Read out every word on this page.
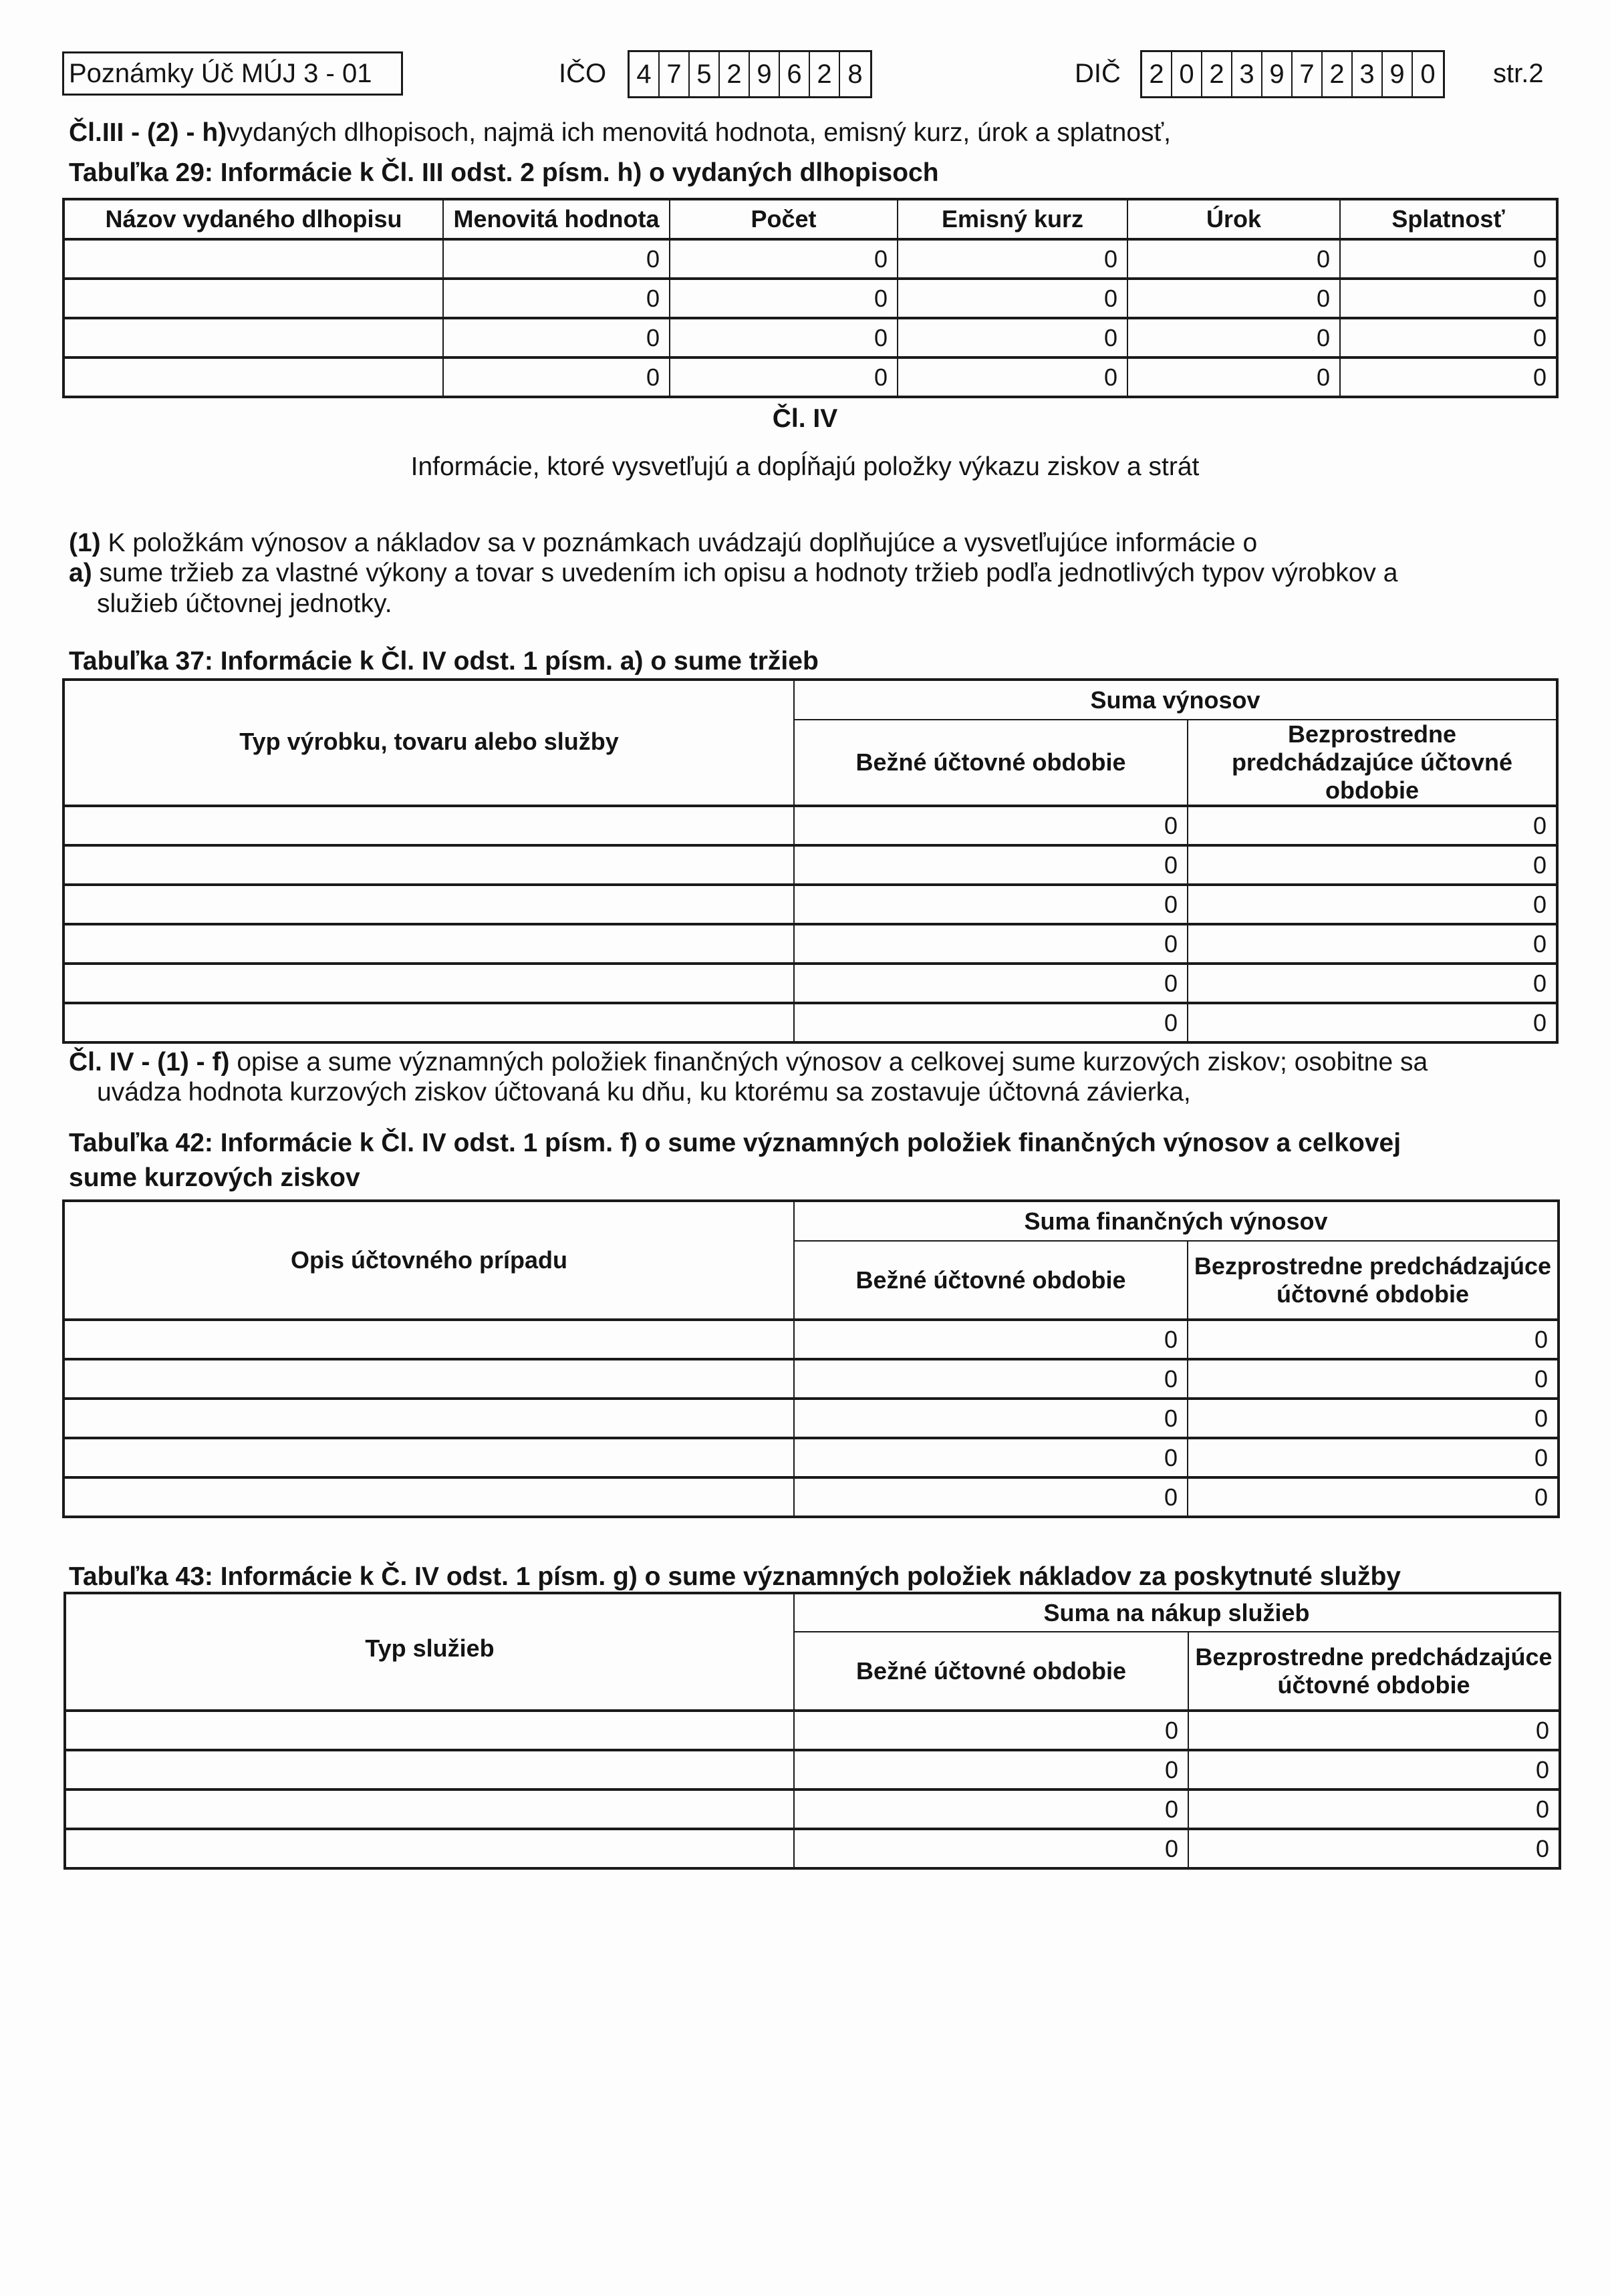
Poznámky Úč MÚJ 3 - 01	IČO 4 7 5 2 9 6 2 8	DIČ 2 0 2 3 9 7 2 3 9 0 str.2
Čl.III - (2) - h)vydaných dlhopisoch, najmä ich menovitá hodnota, emisný kurz, úrok a splatnosť,
Tabuľka 29: Informácie k Čl. III odst. 2 písm. h) o vydaných dlhopisoch
Názov vydaného dlhopisu	Menovitá hodnota	Počet	Emisný kurz	Úrok	Splatnosť
	0	0	0	0	0
	0	0	0	0	0
	0	0	0	0	0
	0	0	0	0	0
Čl. IV
Informácie, ktoré vysvetľujú a dopĺňajú položky výkazu ziskov a strát
(1) K položkám výnosov a nákladov sa v poznámkach uvádzajú doplňujúce a vysvetľujúce informácie o
a) sume tržieb za vlastné výkony a tovar s uvedením ich opisu a hodnoty tržieb podľa jednotlivých typov výrobkov a
služieb účtovnej jednotky.
Tabuľka 37: Informácie k Čl. IV odst. 1 písm. a) o sume tržieb
Typ výrobku, tovaru alebo služby	Suma výnosov	
	Bežné účtovné obdobie	Bezprostredne predchádzajúce účtovné obdobie
	0	0
	0	0
	0	0
	0	0
	0	0
	0	0
Čl. IV - (1) - f) opise a sume významných položiek finančných výnosov a celkovej sume kurzových ziskov; osobitne sa
uvádza hodnota kurzových ziskov účtovaná ku dňu, ku ktorému sa zostavuje účtovná závierka,
Tabuľka 42: Informácie k Čl. IV odst. 1 písm. f) o sume významných položiek finančných výnosov a celkovej
sume kurzových ziskov
Opis účtovného prípadu	Suma finančných výnosov	
	Bežné účtovné obdobie	Bezprostredne predchádzajúce účtovné obdobie
	0	0
	0	0
	0	0
	0	0
	0	0
Tabuľka 43: Informácie k Č. IV odst. 1 písm. g) o sume významných položiek nákladov za poskytnuté služby
Typ služieb	Suma na nákup služieb	
	Bežné účtovné obdobie	Bezprostredne predchádzajúce účtovné obdobie
	0	0
	0	0
	0	0
	0	0
